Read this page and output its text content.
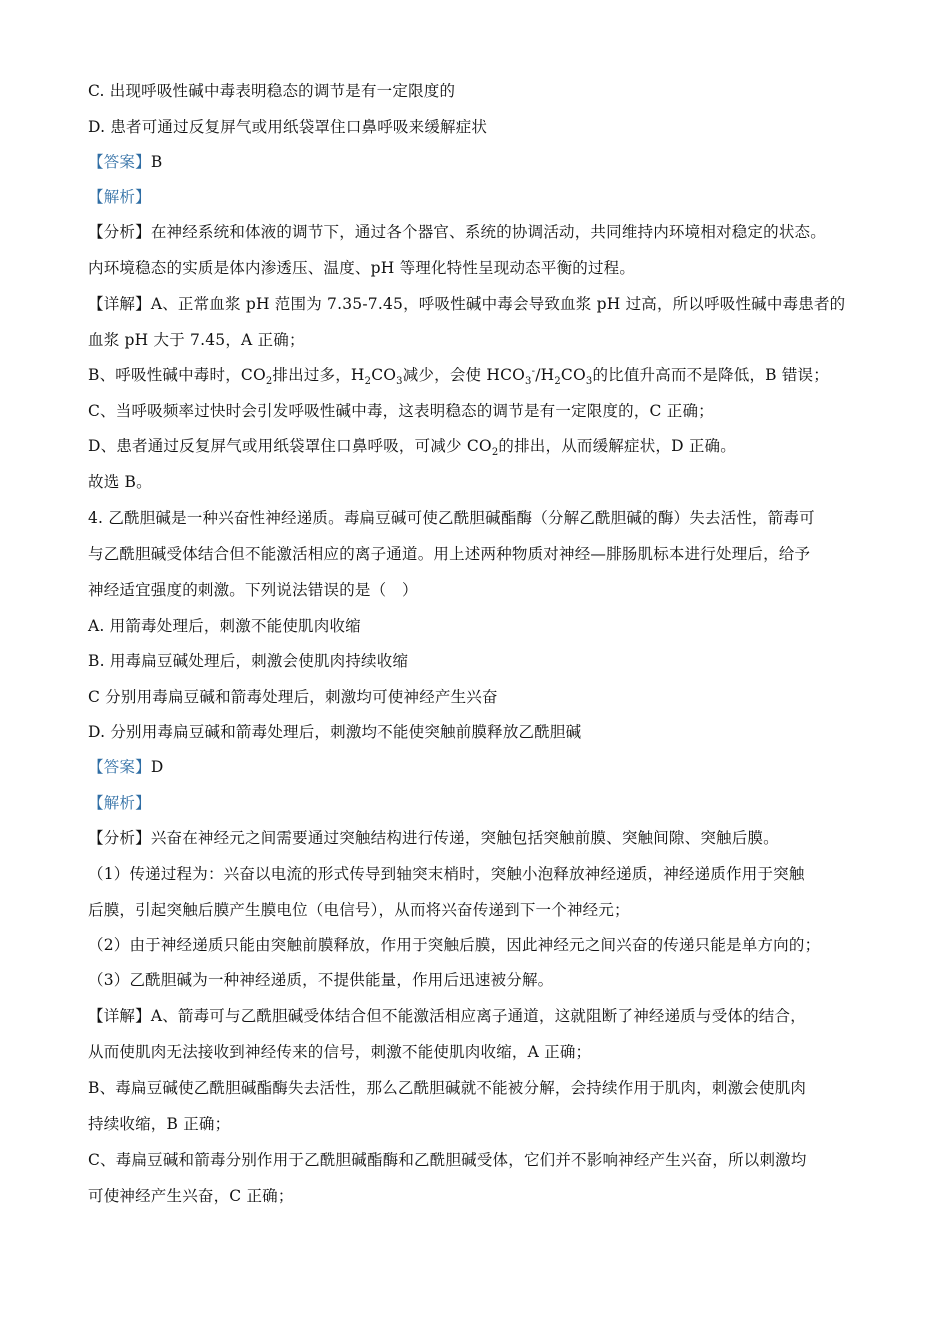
C. 出现呼吸性碱中毒表明稳态的调节是有一定限度的
D. 患者可通过反复屏气或用纸袋罩住口鼻呼吸来缓解症状
【答案】B
【解析】
【分析】在神经系统和体液的调节下，通过各个器官、系统的协调活动，共同维持内环境相对稳定的状态。
内环境稳态的实质是体内渗透压、温度、pH 等理化特性呈现动态平衡的过程。
【详解】A、正常血浆 pH 范围为 7.35-7.45，呼吸性碱中毒会导致血浆 pH 过高，所以呼吸性碱中毒患者的
血浆 pH 大于 7.45，A 正确；
B、呼吸性碱中毒时，$CO_2$排出过多，$H_2CO_3$减少，会使 $HCO_3^-/H_2CO_3$的比值升高而不是降低，B 错误；
C、当呼吸频率过快时会引发呼吸性碱中毒，这表明稳态的调节是有一定限度的，C 正确；
D、患者通过反复屏气或用纸袋罩住口鼻呼吸，可减少 $CO_2$的排出，从而缓解症状，D 正确。
故选 B。
4. 乙酰胆碱是一种兴奋性神经递质。毒扁豆碱可使乙酰胆碱酯酶（分解乙酰胆碱的酶）失去活性，箭毒可
与乙酰胆碱受体结合但不能激活相应的离子通道。用上述两种物质对神经—腓肠肌标本进行处理后，给予
神经适宜强度的刺激。下列说法错误的是（　）
A. 用箭毒处理后，刺激不能使肌肉收缩
B. 用毒扁豆碱处理后，刺激会使肌肉持续收缩
C 分别用毒扁豆碱和箭毒处理后，刺激均可使神经产生兴奋
D. 分别用毒扁豆碱和箭毒处理后，刺激均不能使突触前膜释放乙酰胆碱
【答案】D
【解析】
【分析】兴奋在神经元之间需要通过突触结构进行传递，突触包括突触前膜、突触间隙、突触后膜。
（1）传递过程为：兴奋以电流的形式传导到轴突末梢时，突触小泡释放神经递质，神经递质作用于突触
后膜，引起突触后膜产生膜电位（电信号），从而将兴奋传递到下一个神经元；
（2）由于神经递质只能由突触前膜释放，作用于突触后膜，因此神经元之间兴奋的传递只能是单方向的；
（3）乙酰胆碱为一种神经递质，不提供能量，作用后迅速被分解。
【详解】A、箭毒可与乙酰胆碱受体结合但不能激活相应离子通道，这就阻断了神经递质与受体的结合，
从而使肌肉无法接收到神经传来的信号，刺激不能使肌肉收缩，A 正确；
B、毒扁豆碱使乙酰胆碱酯酶失去活性，那么乙酰胆碱就不能被分解，会持续作用于肌肉，刺激会使肌肉
持续收缩，B 正确；
C、毒扁豆碱和箭毒分别作用于乙酰胆碱酯酶和乙酰胆碱受体，它们并不影响神经产生兴奋，所以刺激均
可使神经产生兴奋，C 正确；
